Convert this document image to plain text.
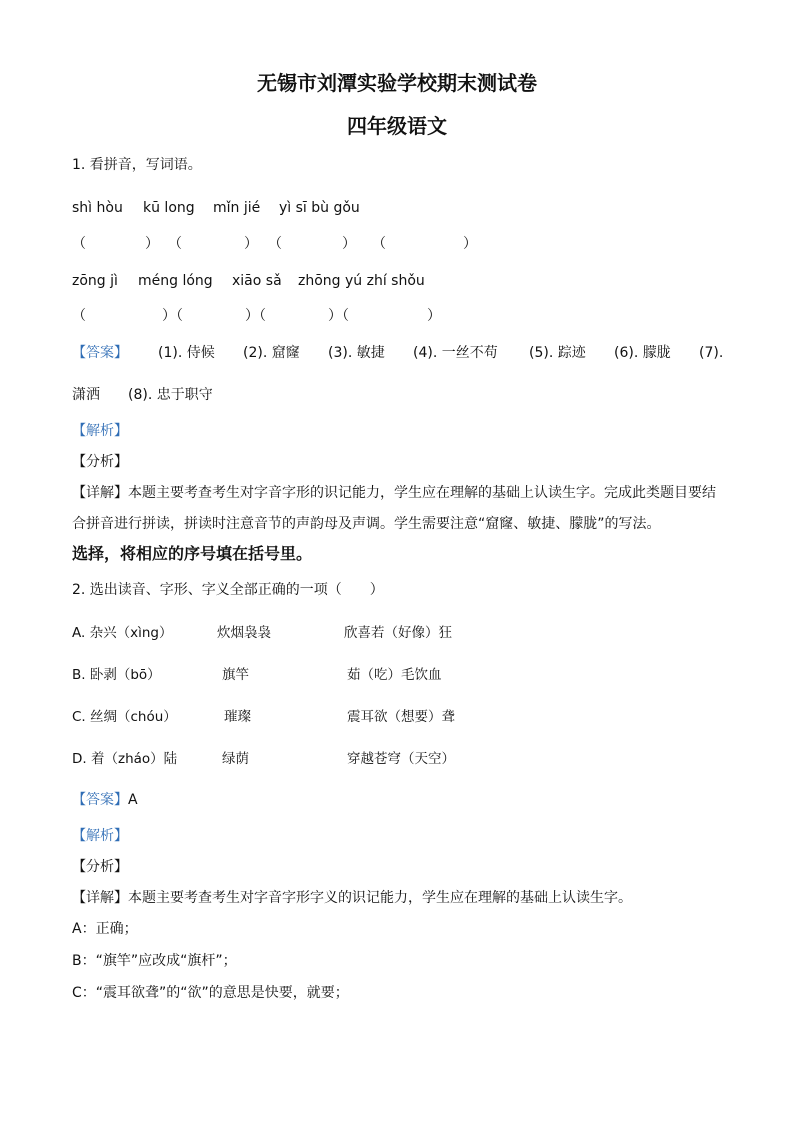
无锡市刘潭实验学校期末测试卷
四年级语文
1. 看拼音，写词语。
shì hòu kū long mǐn jié yì sī bù gǒu
（	） （	） （	） （	）
zōng jì méng lóng xiāo sǎ zhōng yú zhí shǒu
（	）（	）（	）（	）
【答案】 (1). 侍候 (2). 窟窿 (3). 敏捷 (4). 一丝不苟 (5). 踪迹 (6). 朦胧 (7).
潇洒 (8). 忠于职守
【解析】
【分析】
【详解】本题主要考查考生对字音字形的识记能力，学生应在理解的基础上认读生字。完成此类题目要结
合拼音进行拼读，拼读时注意音节的声韵母及声调。学生需要注意“窟窿、敏捷、朦胧”的写法。
选择，将相应的序号填在括号里。
2. 选出读音、字形、字义全部正确的一项（　　）
A. 杂兴（xìng）	炊烟袅袅	欣喜若（好像）狂
B. 卧剥（bō）	旗竿	茹（吃）毛饮血
C. 丝绸（chóu）	璀璨	震耳欲（想要）聋
D. 着（zháo）陆	绿荫	穿越苍穹（天空）
【答案】A
【解析】
【分析】
【详解】本题主要考查考生对字音字形字义的识记能力，学生应在理解的基础上认读生字。
A：正确；
B：“旗竿”应改成“旗杆”；
C：“震耳欲聋”的“欲”的意思是快要，就要；
